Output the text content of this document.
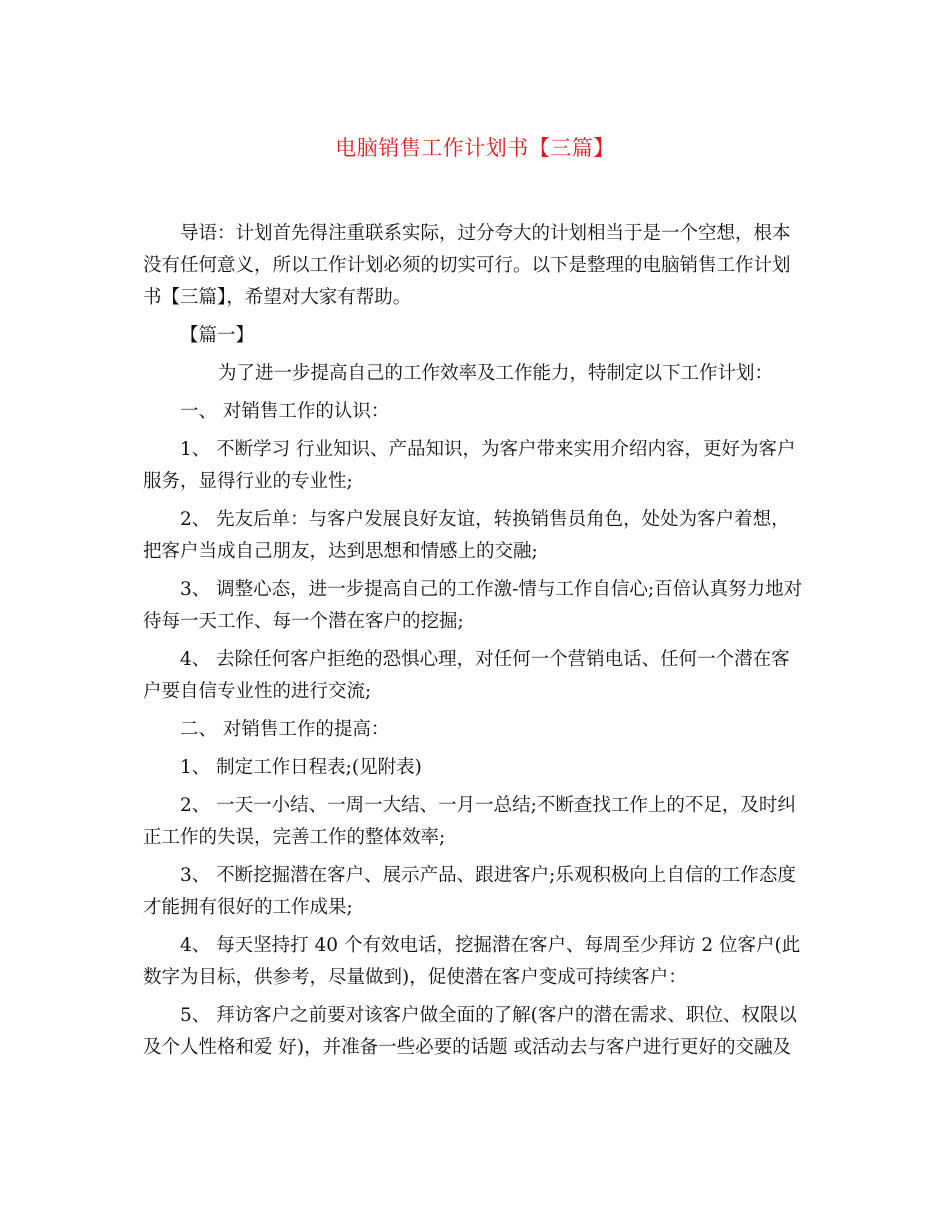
电脑销售工作计划书【三篇】

导语：计划首先得注重联系实际，过分夸大的计划相当于是一个空想，根本没有任何意义，所以工作计划必须的切实可行。以下是整理的电脑销售工作计划书【三篇】，希望对大家有帮助。

【篇一】

为了进一步提高自己的工作效率及工作能力，特制定以下工作计划：

一、 对销售工作的认识：

1、 不断学习 行业知识、产品知识，为客户带来实用介绍内容，更好为客户服务，显得行业的专业性;

2、 先友后单：与客户发展良好友谊，转换销售员角色，处处为客户着想，把客户当成自己朋友，达到思想和情感上的交融;

3、 调整心态，进一步提高自己的工作激-情与工作自信心;百倍认真努力地对待每一天工作、每一个潜在客户的挖掘;

4、 去除任何客户拒绝的恐惧心理，对任何一个营销电话、任何一个潜在客户要自信专业性的进行交流;

二、 对销售工作的提高：

1、 制定工作日程表;(见附表)

2、 一天一小结、一周一大结、一月一总结;不断查找工作上的不足，及时纠正工作的失误，完善工作的整体效率;

3、 不断挖掘潜在客户、展示产品、跟进客户;乐观积极向上自信的工作态度才能拥有很好的工作成果;

4、 每天坚持打 40 个有效电话，挖掘潜在客户、每周至少拜访 2 位客户(此数字为目标，供参考，尽量做到)，促使潜在客户变成可持续客户：

5、 拜访客户之前要对该客户做全面的了解(客户的潜在需求、职位、权限以及个人性格和爱 好)，并准备一些必要的话题 或活动去与客户进行更好的交融及
